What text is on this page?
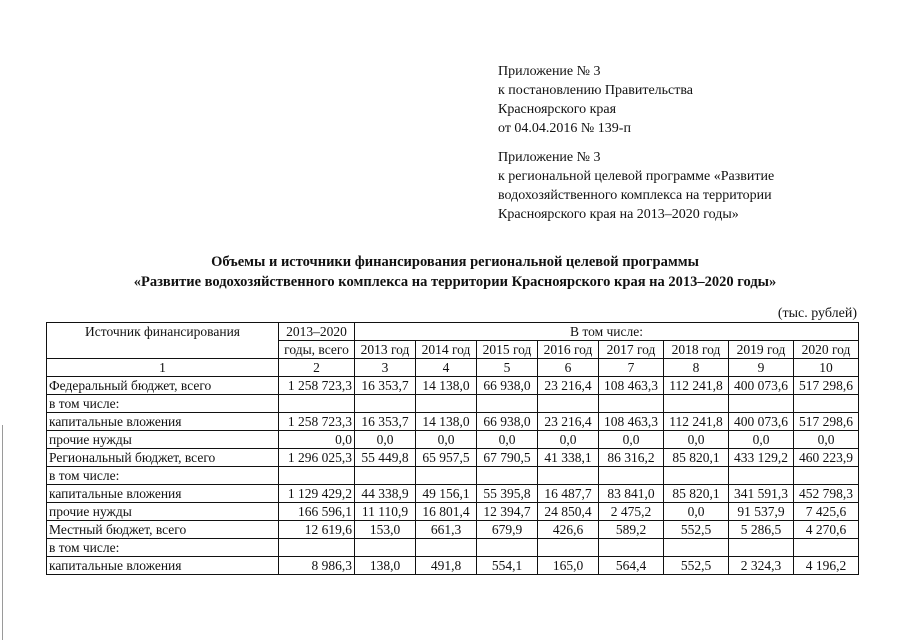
Приложение № 3
к постановлению Правительства
Красноярского края
от 04.04.2016 № 139-п
Приложение № 3
к региональной целевой программе «Развитие
водохозяйственного комплекса на территории
Красноярского края на 2013–2020 годы»
Объемы и источники финансирования региональной целевой программы
«Развитие водохозяйственного комплекса на территории Красноярского края на 2013–2020 годы»
(тыс. рублей)
Источник финансирования	2013–2020	В том числе:							
	годы, всего	2013 год	2014 год	2015 год	2016 год	2017 год	2018 год	2019 год	2020 год
1	2	3	4	5	6	7	8	9	10
Федеральный бюджет, всего	1 258 723,3	16 353,7	14 138,0	66 938,0	23 216,4	108 463,3	112 241,8	400 073,6	517 298,6
в том числе:									
капитальные вложения	1 258 723,3	16 353,7	14 138,0	66 938,0	23 216,4	108 463,3	112 241,8	400 073,6	517 298,6
прочие нужды	0,0	0,0	0,0	0,0	0,0	0,0	0,0	0,0	0,0
Региональный бюджет, всего	1 296 025,3	55 449,8	65 957,5	67 790,5	41 338,1	86 316,2	85 820,1	433 129,2	460 223,9
в том числе:									
капитальные вложения	1 129 429,2	44 338,9	49 156,1	55 395,8	16 487,7	83 841,0	85 820,1	341 591,3	452 798,3
прочие нужды	166 596,1	11 110,9	16 801,4	12 394,7	24 850,4	2 475,2	0,0	91 537,9	7 425,6
Местный бюджет, всего	12 619,6	153,0	661,3	679,9	426,6	589,2	552,5	5 286,5	4 270,6
в том числе:									
капитальные вложения	8 986,3	138,0	491,8	554,1	165,0	564,4	552,5	2 324,3	4 196,2
